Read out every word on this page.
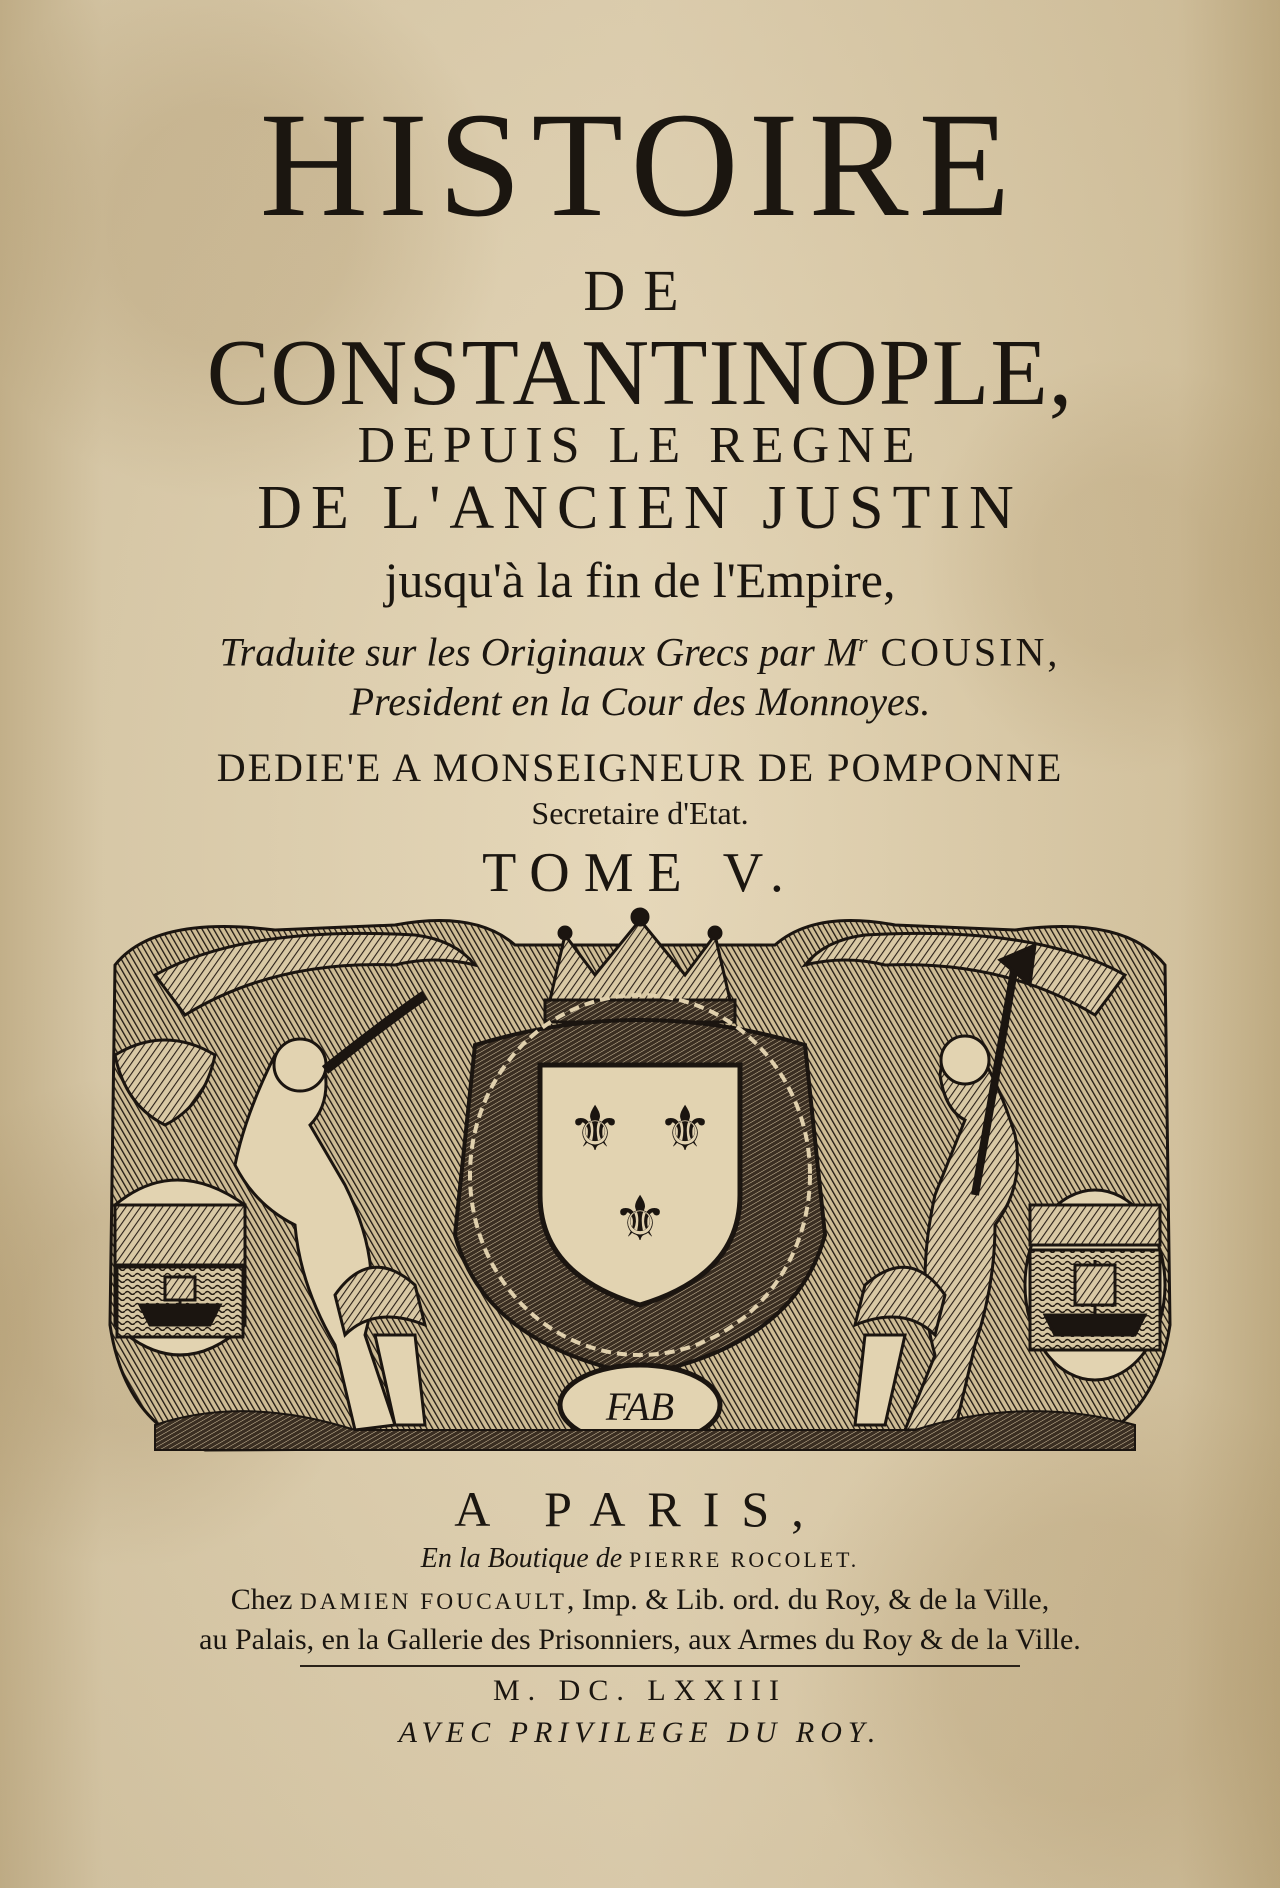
HISTOIRE
DE
CONSTANTINOPLE,
DEPUIS LE REGNE
DE L'ANCIEN JUSTIN
jusqu'à la fin de l'Empire,
Traduite sur les Originaux Grecs par $M^r$ COUSIN,
President en la Cour des Monnoyes.
DEDIE'E A MONSEIGNEUR DE POMPONNE
Secretaire d'Etat.
TOME V.
⚜ ⚜
⚜
FAB
A PARIS,
En la Boutique de PIERRE ROCOLET.
Chez DAMIEN FOUCAULT, Imp. & Lib. ord. du Roy, & de la Ville,
au Palais, en la Gallerie des Prisonniers, aux Armes du Roy & de la Ville.
M. DC. LXXIII
AVEC PRIVILEGE DU ROY.
